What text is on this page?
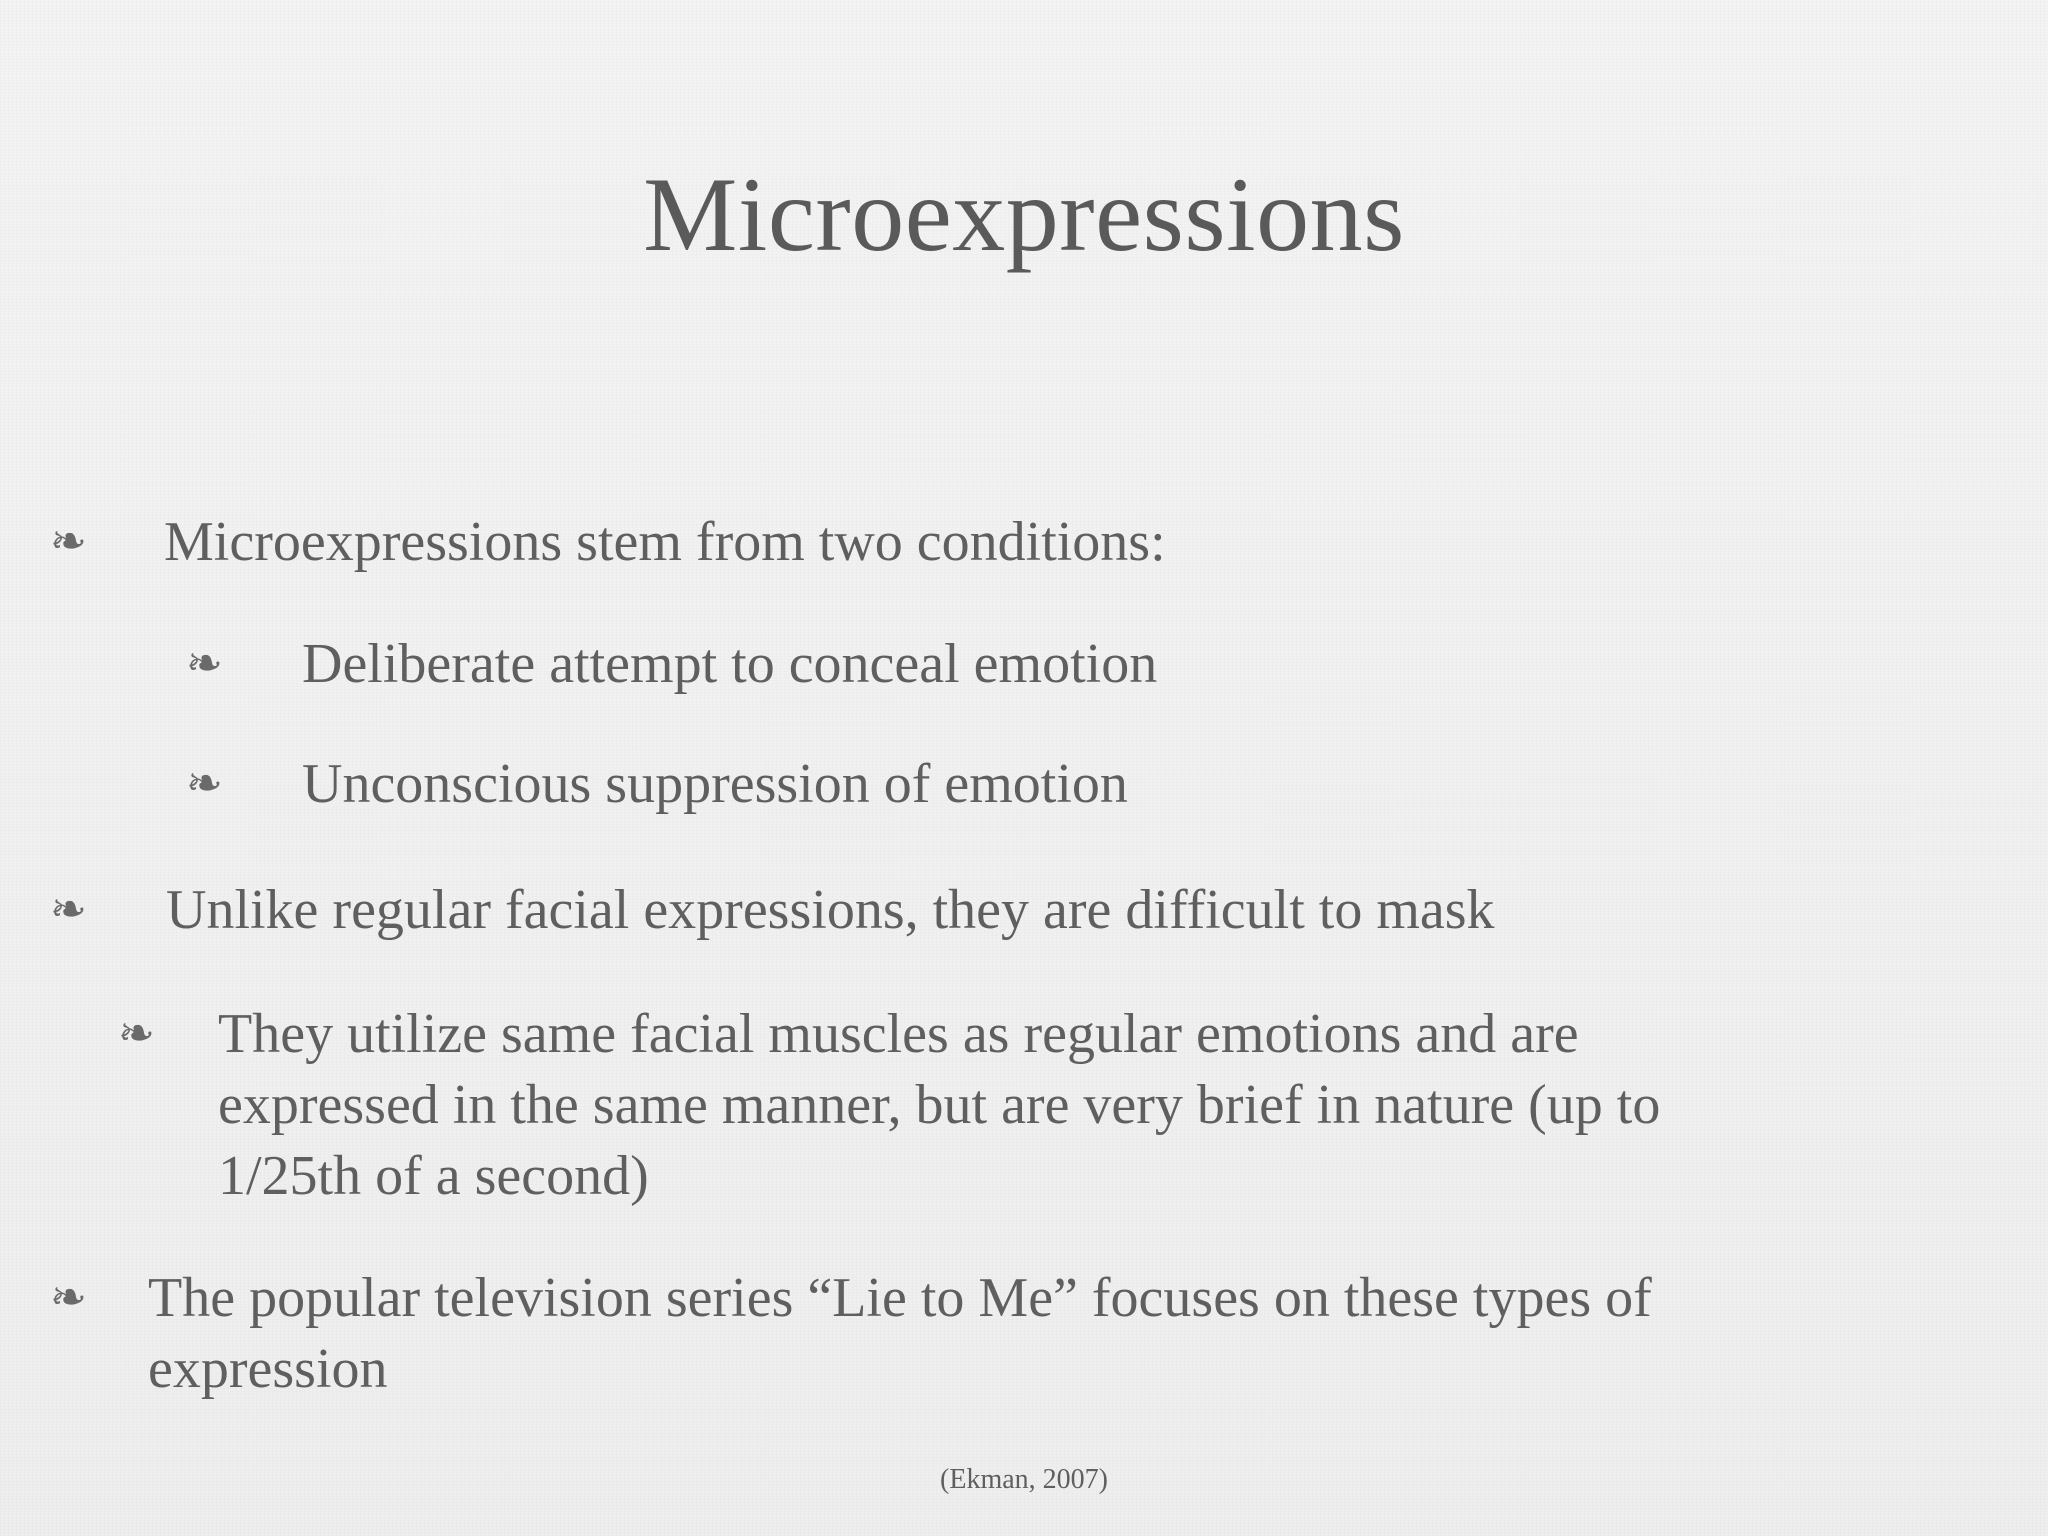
Microexpressions
❧ Microexpressions stem from two conditions:
❧ Deliberate attempt to conceal emotion
❧ Unconscious suppression of emotion
❧ Unlike regular facial expressions, they are difficult to mask
❧ They utilize same facial muscles as regular emotions and are
expressed in the same manner, but are very brief in nature (up to
1/25th of a second)
❧ The popular television series “Lie to Me” focuses on these types of
expression
(Ekman, 2007)
